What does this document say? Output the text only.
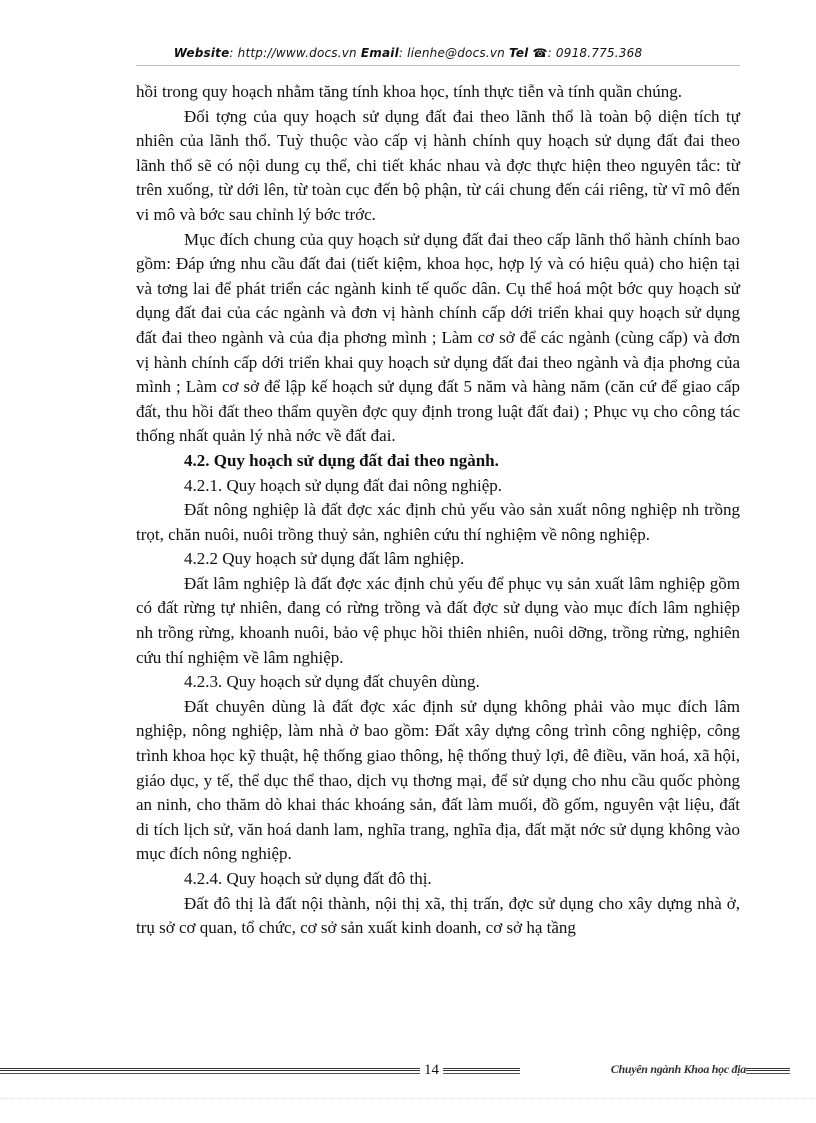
Website: http://www.docs.vn Email: lienhe@docs.vn Tel ☎: 0918.775.368

hồi trong quy hoạch nhằm tăng tính khoa học, tính thực tiễn và tính quần chúng.

Đối tợng của quy hoạch sử dụng đất đai theo lãnh thổ là toàn bộ diện tích tự nhiên của lãnh thổ. Tuỳ thuộc vào cấp vị hành chính quy hoạch sử dụng đất đai theo lãnh thổ sẽ có nội dung cụ thể, chi tiết khác nhau và đợc thực hiện theo nguyên tắc: từ trên xuống, từ dới lên, từ toàn cục đến bộ phận, từ cái chung đến cái riêng, từ vĩ mô đến vi mô và bớc sau chỉnh lý bớc trớc.

Mục đích chung của quy hoạch sử dụng đất đai theo cấp lãnh thổ hành chính bao gồm: Đáp ứng nhu cầu đất đai (tiết kiệm, khoa học, hợp lý và có hiệu quả) cho hiện tại và tơng lai để phát triển các ngành kinh tế quốc dân. Cụ thể hoá một bớc quy hoạch sử dụng đất đai của các ngành và đơn vị hành chính cấp dới triển khai quy hoạch sử dụng đất đai theo ngành và của địa phơng mình ; Làm cơ sở để các ngành (cùng cấp) và đơn vị hành chính cấp dới triển khai quy hoạch sử dụng đất đai theo ngành và địa phơng của mình ; Làm cơ sở để lập kế hoạch sử dụng đất 5 năm và hàng năm (căn cứ để giao cấp đất, thu hồi đất theo thẩm quyền đợc quy định trong luật đất đai) ; Phục vụ cho công tác thống nhất quản lý nhà nớc về đất đai.

4.2. Quy hoạch sử dụng đất đai theo ngành.

4.2.1. Quy hoạch sử dụng đất đai nông nghiệp.

Đất nông nghiệp là đất đợc xác định chủ yếu vào sản xuất nông nghiệp nh trồng trọt, chăn nuôi, nuôi trồng thuỷ sản, nghiên cứu thí nghiệm về nông nghiệp.

4.2.2 Quy hoạch sử dụng đất lâm nghiệp.

Đất lâm nghiệp là đất đợc xác định chủ yếu để phục vụ sản xuất lâm nghiệp gồm có đất rừng tự nhiên, đang có rừng trồng và đất đợc sử dụng vào mục đích lâm nghiệp nh trồng rừng, khoanh nuôi, bảo vệ phục hồi thiên nhiên, nuôi dỡng, trồng rừng, nghiên cứu thí nghiệm về lâm nghiệp.

4.2.3. Quy hoạch sử dụng đất chuyên dùng.

Đất chuyên dùng là đất đợc xác định sử dụng không phải vào mục đích lâm nghiệp, nông nghiệp, làm nhà ở bao gồm: Đất xây dựng công trình công nghiệp, công trình khoa học kỹ thuật, hệ thống giao thông, hệ thống thuỷ lợi, đê điều, văn hoá, xã hội, giáo dục, y tế, thể dục thể thao, dịch vụ thơng mại, để sử dụng cho nhu cầu quốc phòng an ninh, cho thăm dò khai thác khoáng sản, đất làm muối, đồ gốm, nguyên vật liệu, đất di tích lịch sử, văn hoá danh lam, nghĩa trang, nghĩa địa, đất mặt nớc sử dụng không vào mục đích nông nghiệp.

4.2.4. Quy hoạch sử dụng đất đô thị.

Đất đô thị là đất nội thành, nội thị xã, thị trấn, đợc sử dụng cho xây dựng nhà ở, trụ sở cơ quan, tổ chức, cơ sở sản xuất kinh doanh, cơ sở hạ tầng

14	Chuyên ngành Khoa học địa
